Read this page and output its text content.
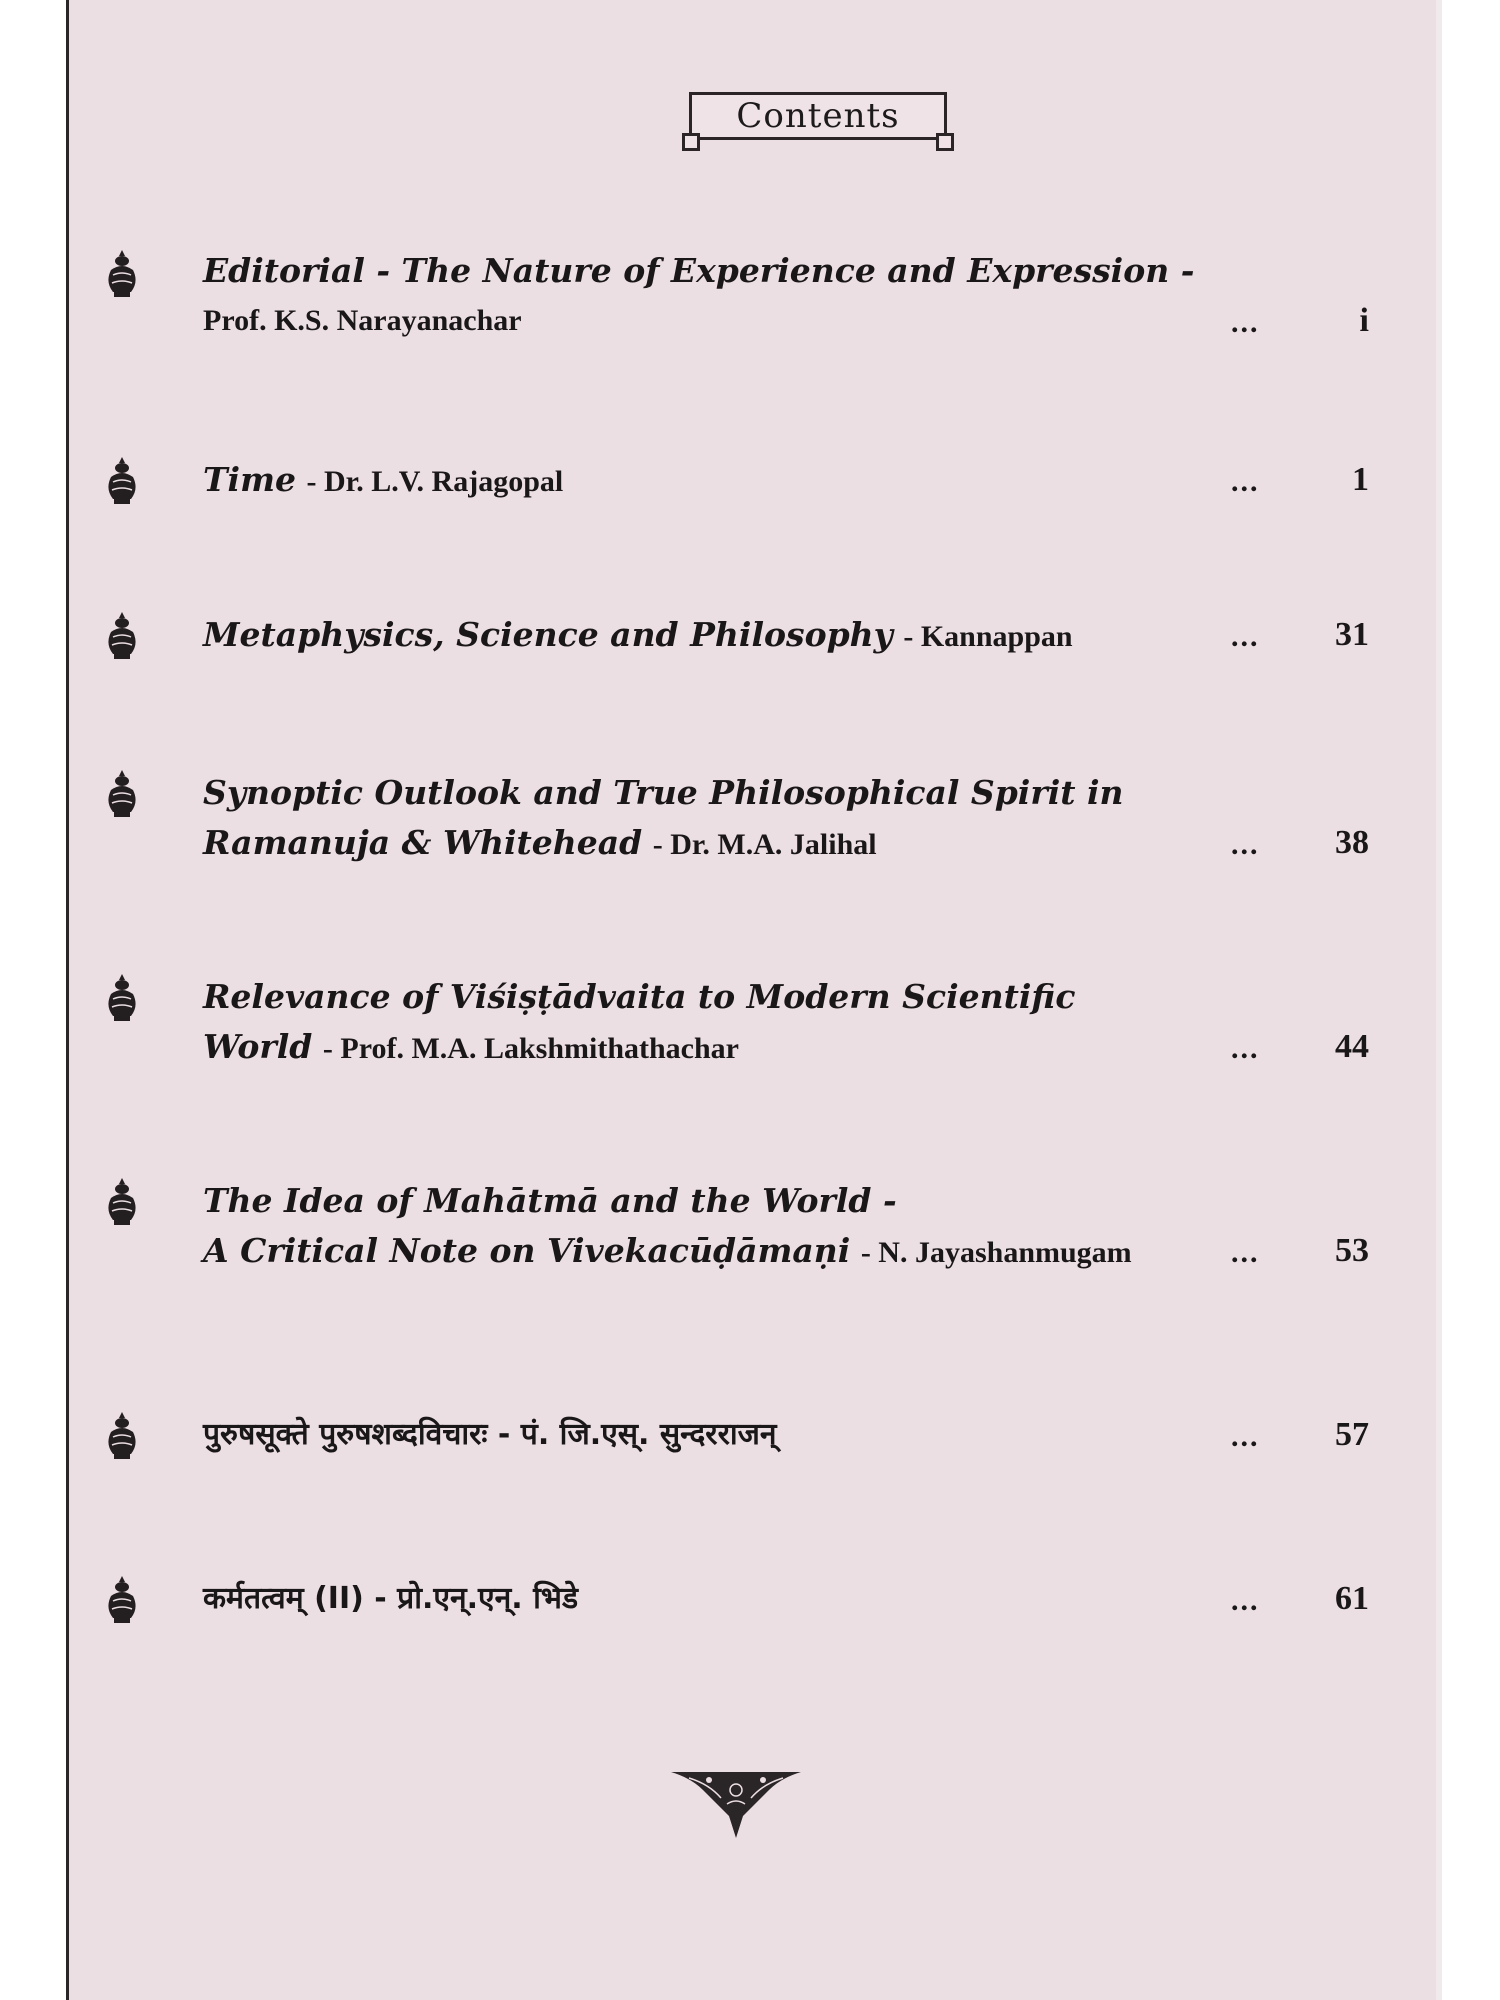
Contents
Editorial - The Nature of Experience and Expression -
Prof. K.S. Narayanachar	...	i
Time - Dr. L.V. Rajagopal	...	1
Metaphysics, Science and Philosophy - Kannappan	... 31
Synoptic Outlook and True Philosophical Spirit in
Ramanuja & Whitehead - Dr. M.A. Jalihal	... 38
Relevance of Viśiṣṭādvaita to Modern Scientific
World - Prof. M.A. Lakshmithathachar	... 44
The Idea of Mahātmā and the World -
A Critical Note on Vivekacūḍāmaṇi - N. Jayashanmugam	... 53
पुरुषसूक्ते पुरुषशब्दविचारः - पं. जि.एस्. सुन्दरराजन्	... 57
कर्मतत्वम् (II) - प्रो.एन्.एन्. भिडे	... 61
